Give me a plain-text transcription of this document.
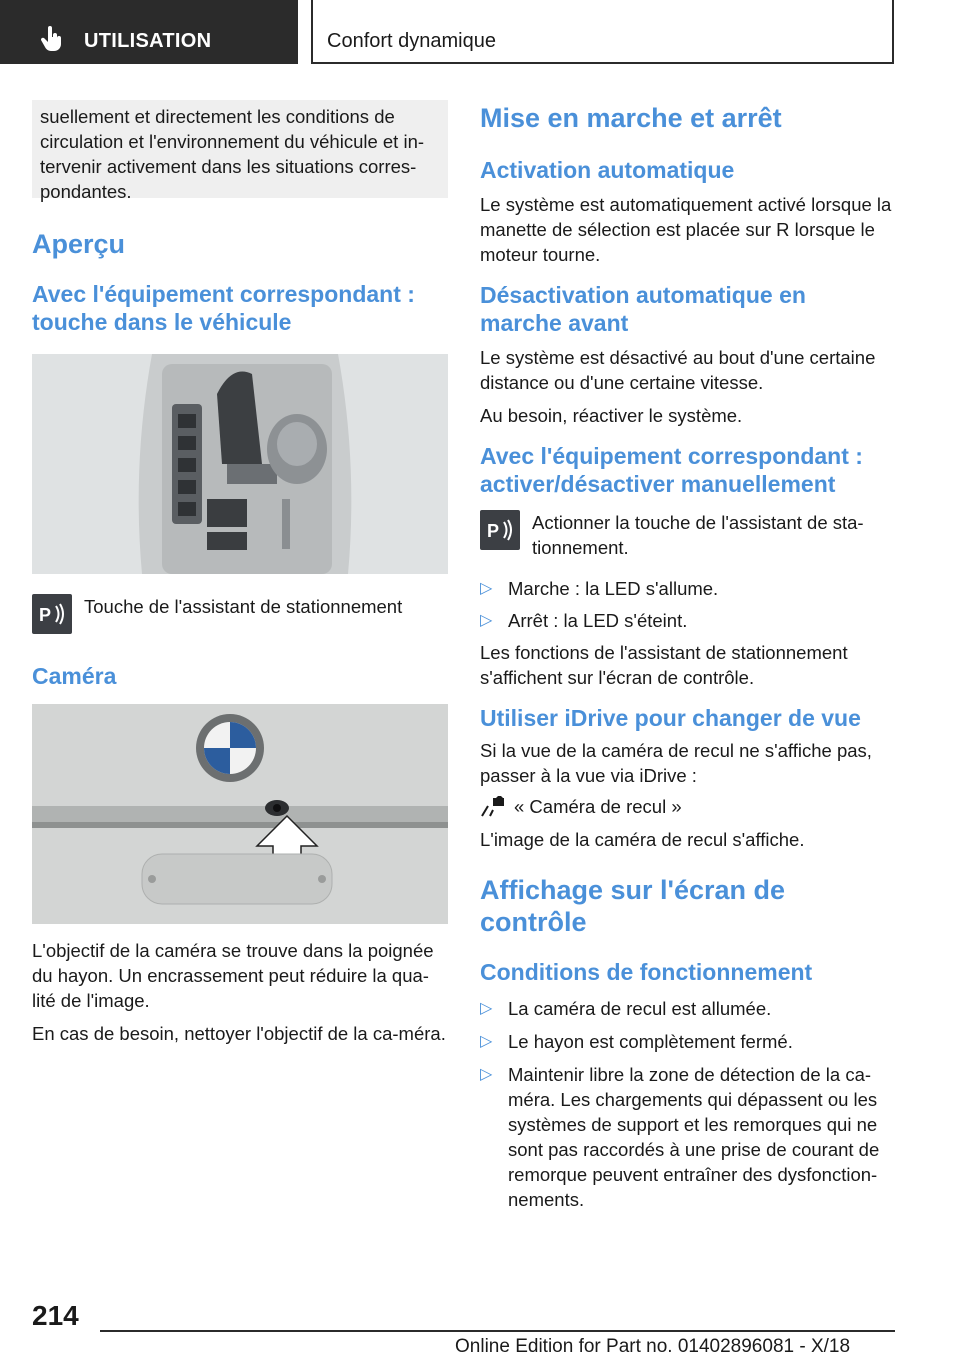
UTILISATION	Confort dynamique

suellement et directement les conditions de circulation et l'environnement du véhicule et in-tervenir activement dans les situations corres-pondantes.

Aperçu
Avec l'équipement correspondant : touche dans le véhicule
P Touche de l'assistant de stationnement

Caméra

L'objectif de la caméra se trouve dans la poignée du hayon. Un encrassement peut réduire la qua-lité de l'image.

En cas de besoin, nettoyer l'objectif de la ca-méra.

Mise en marche et arrêt
Activation automatique

Le système est automatiquement activé lorsque la manette de sélection est placée sur R lorsque le moteur tourne.

Désactivation automatique en marche avant

Le système est désactivé au bout d'une certaine distance ou d'une certaine vitesse.

Au besoin, réactiver le système.

Avec l'équipement correspondant : activer/désactiver manuellement
P Actionner la touche de l'assistant de sta-tionnement.

▷ Marche : la LED s'allume.

▷ Arrêt : la LED s'éteint.

Les fonctions de l'assistant de stationnement s'affichent sur l'écran de contrôle.

Utiliser iDrive pour changer de vue

Si la vue de la caméra de recul ne s'affiche pas, passer à la vue via iDrive :

« Caméra de recul »

L'image de la caméra de recul s'affiche.

Affichage sur l'écran de contrôle
Conditions de fonctionnement
▷ La caméra de recul est allumée.

▷ Le hayon est complètement fermé.

▷ Maintenir libre la zone de détection de la ca-méra. Les chargements qui dépassent ou les systèmes de support et les remorques qui ne sont pas raccordés à une prise de courant de remorque peuvent entraîner des dysfonction-nements.

214
Online Edition for Part no. 01402896081 - X/18
